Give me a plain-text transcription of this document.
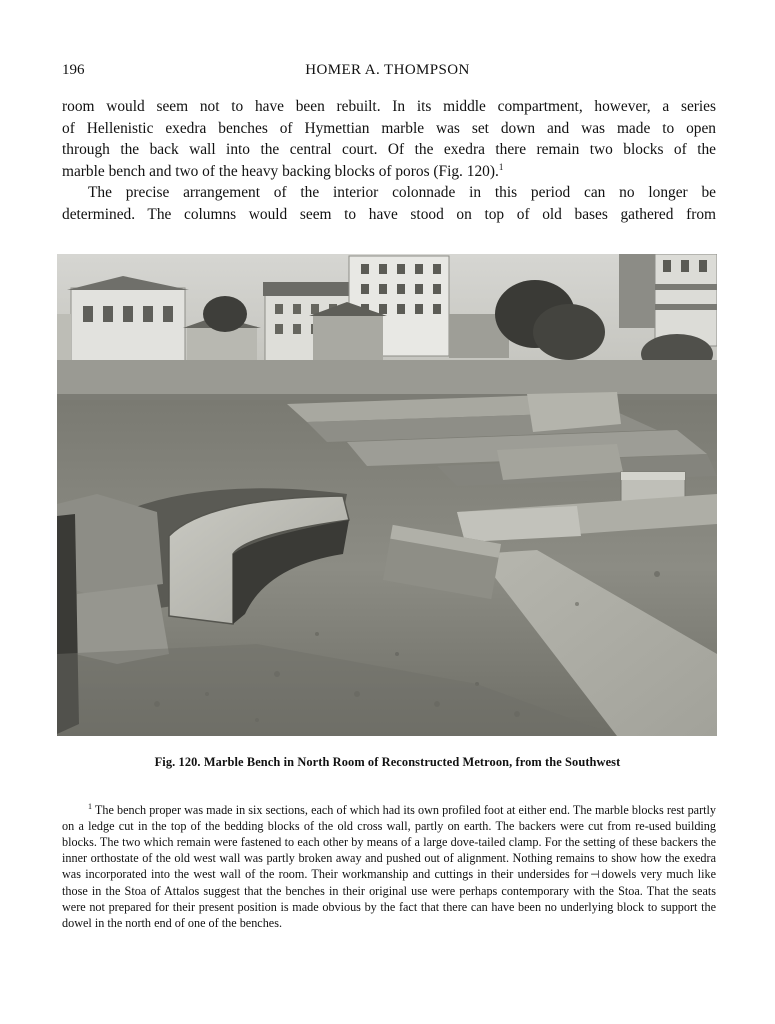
196	HOMER A. THOMPSON

room would seem not to have been rebuilt. In its middle compartment, however, a series

of Hellenistic exedra benches of Hymettian marble was set down and was made to open

through the back wall into the central court. Of the exedra there remain two blocks of the

marble bench and two of the heavy backing blocks of poros (Fig. 120).$^1$

The precise arrangement of the interior colonnade in this period can no longer be

determined. The columns would seem to have stood on top of old bases gathered from

Fig. 120. Marble Bench in North Room of Reconstructed Metroon, from the Southwest

$^1$ The bench proper was made in six sections, each of which had its own profiled foot at either end. The marble blocks rest partly on a ledge cut in the top of the bedding blocks of the old cross wall, partly on earth. The backers were cut from re-used building blocks. The two which remain were fastened to each other by means of a large dove-tailed clamp. For the setting of these backers the inner orthostate of the old west wall was partly broken away and pushed out of alignment. Nothing remains to show how the exedra was incorporated into the west wall of the room. Their workmanship and cuttings in their undersides for ⊣ dowels very much like those in the Stoa of Attalos suggest that the benches in their original use were perhaps contemporary with the Stoa. That the seats were not prepared for their present position is made obvious by the fact that there can have been no underlying block to support the dowel in the north end of one of the benches.
